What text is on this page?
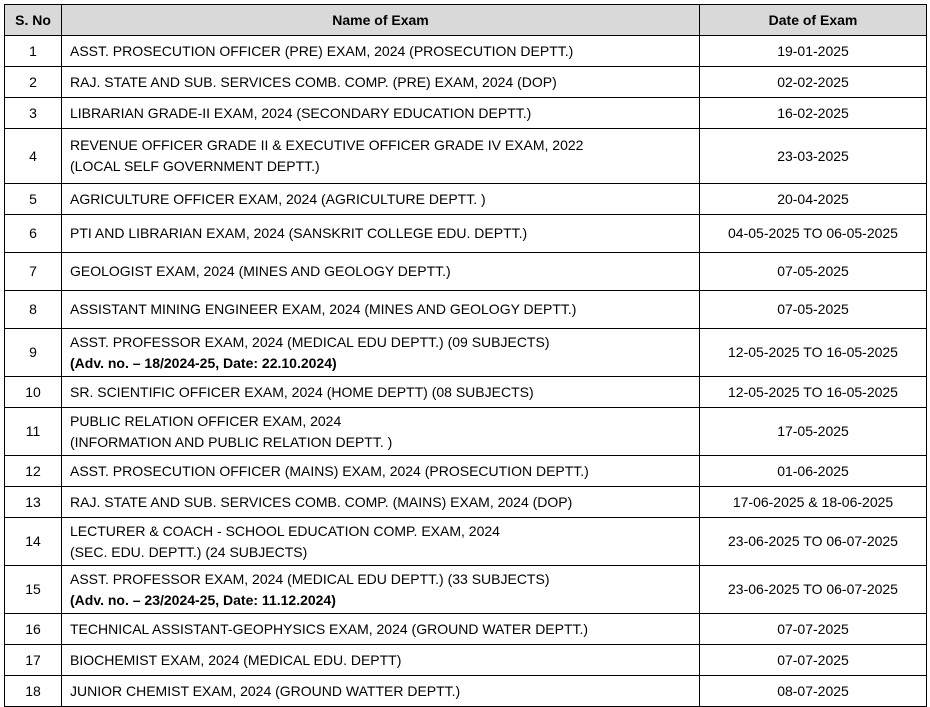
S. No	Name of Exam	Date of Exam
1	ASST. PROSECUTION OFFICER (PRE) EXAM, 2024 (PROSECUTION DEPTT.)	19-01-2025
2	RAJ. STATE AND SUB. SERVICES COMB. COMP. (PRE) EXAM, 2024 (DOP)	02-02-2025
3	LIBRARIAN GRADE-II EXAM, 2024 (SECONDARY EDUCATION DEPTT.)	16-02-2025
4	REVENUE OFFICER GRADE II & EXECUTIVE OFFICER GRADE IV EXAM, 2022
(LOCAL SELF GOVERNMENT DEPTT.)	23-03-2025
5	AGRICULTURE OFFICER EXAM, 2024 (AGRICULTURE DEPTT. )	20-04-2025
6	PTI AND LIBRARIAN EXAM, 2024 (SANSKRIT COLLEGE EDU. DEPTT.)	04-05-2025 TO 06-05-2025
7	GEOLOGIST EXAM, 2024 (MINES AND GEOLOGY DEPTT.)	07-05-2025
8	ASSISTANT MINING ENGINEER EXAM, 2024 (MINES AND GEOLOGY DEPTT.)	07-05-2025
9	ASST. PROFESSOR EXAM, 2024 (MEDICAL EDU DEPTT.) (09 SUBJECTS)
(Adv. no. – 18/2024-25, Date: 22.10.2024)	12-05-2025 TO 16-05-2025
10	SR. SCIENTIFIC OFFICER EXAM, 2024 (HOME DEPTT) (08 SUBJECTS)	12-05-2025 TO 16-05-2025
11	PUBLIC RELATION OFFICER EXAM, 2024
(INFORMATION AND PUBLIC RELATION DEPTT. )	17-05-2025
12	ASST. PROSECUTION OFFICER (MAINS) EXAM, 2024 (PROSECUTION DEPTT.)	01-06-2025
13	RAJ. STATE AND SUB. SERVICES COMB. COMP. (MAINS) EXAM, 2024 (DOP)	17-06-2025 & 18-06-2025
14	LECTURER & COACH - SCHOOL EDUCATION COMP. EXAM, 2024
(SEC. EDU. DEPTT.) (24 SUBJECTS)	23-06-2025 TO 06-07-2025
15	ASST. PROFESSOR EXAM, 2024 (MEDICAL EDU DEPTT.) (33 SUBJECTS)
(Adv. no. – 23/2024-25, Date: 11.12.2024)	23-06-2025 TO 06-07-2025
16	TECHNICAL ASSISTANT-GEOPHYSICS EXAM, 2024 (GROUND WATER DEPTT.)	07-07-2025
17	BIOCHEMIST EXAM, 2024 (MEDICAL EDU. DEPTT)	07-07-2025
18	JUNIOR CHEMIST EXAM, 2024 (GROUND WATTER DEPTT.)	08-07-2025
